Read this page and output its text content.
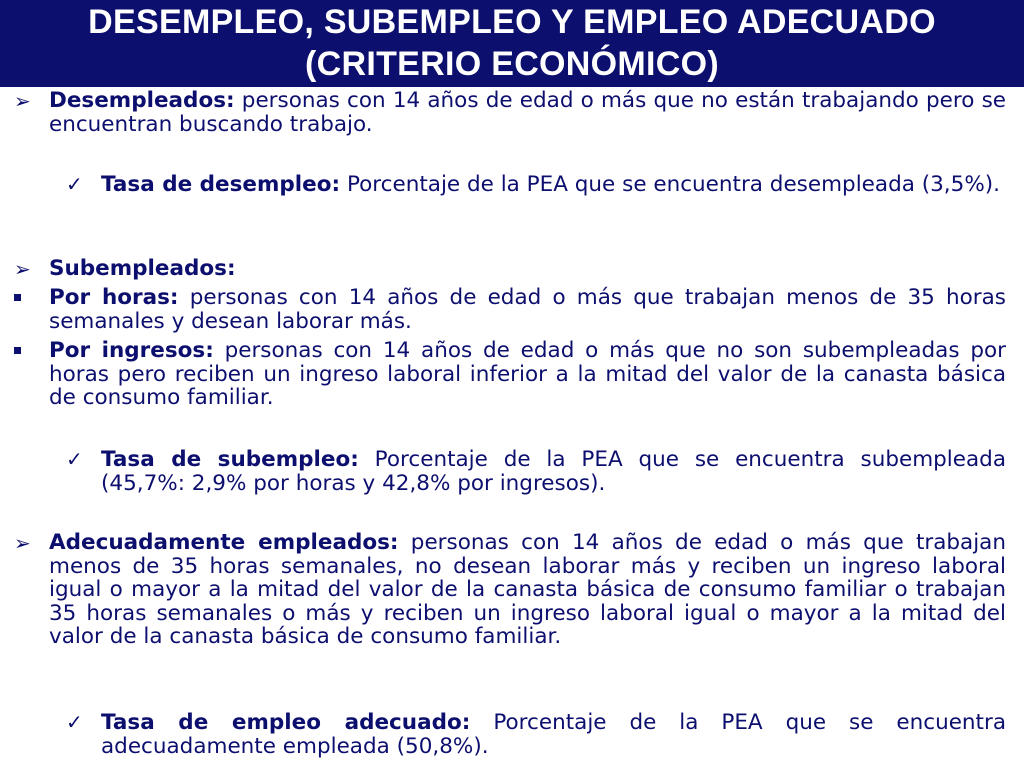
DESEMPLEO, SUBEMPLEO Y EMPLEO ADECUADO
(CRITERIO ECONÓMICO)
➢ Desempleados: personas con 14 años de edad o más que no están trabajando pero se encuentran buscando trabajo.
✓ Tasa de desempleo: Porcentaje de la PEA que se encuentra desempleada (3,5%).
➢ Subempleados:
Por horas: personas con 14 años de edad o más que trabajan menos de 35 horas semanales y desean laborar más.
Por ingresos: personas con 14 años de edad o más que no son subempleadas por horas pero reciben un ingreso laboral inferior a la mitad del valor de la canasta básica de consumo familiar.
✓ Tasa de subempleo: Porcentaje de la PEA que se encuentra subempleada (45,7%: 2,9% por horas y 42,8% por ingresos).
➢ Adecuadamente empleados: personas con 14 años de edad o más que trabajan menos de 35 horas semanales, no desean laborar más y reciben un ingreso laboral igual o mayor a la mitad del valor de la canasta básica de consumo familiar o trabajan 35 horas semanales o más y reciben un ingreso laboral igual o mayor a la mitad del valor de la canasta básica de consumo familiar.
✓ Tasa de empleo adecuado: Porcentaje de la PEA que se encuentra adecuadamente empleada (50,8%).
